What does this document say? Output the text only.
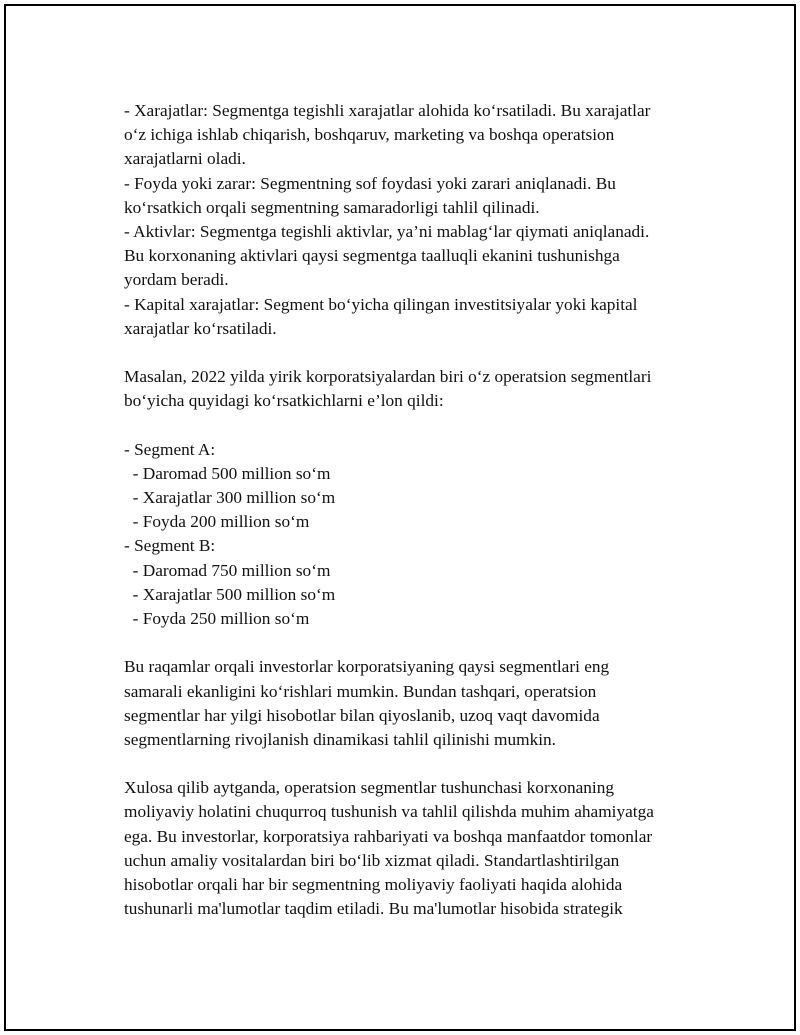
- Xarajatlar: Segmentga tegishli xarajatlar alohida ko‘rsatiladi. Bu xarajatlar
o‘z ichiga ishlab chiqarish, boshqaruv, marketing va boshqa operatsion
xarajatlarni oladi.
- Foyda yoki zarar: Segmentning sof foydasi yoki zarari aniqlanadi. Bu
ko‘rsatkich orqali segmentning samaradorligi tahlil qilinadi.
- Aktivlar: Segmentga tegishli aktivlar, ya’ni mablag‘lar qiymati aniqlanadi.
Bu korxonaning aktivlari qaysi segmentga taalluqli ekanini tushunishga
yordam beradi.
- Kapital xarajatlar: Segment bo‘yicha qilingan investitsiyalar yoki kapital
xarajatlar ko‘rsatiladi.
Masalan, 2022 yilda yirik korporatsiyalardan biri o‘z operatsion segmentlari
bo‘yicha quyidagi ko‘rsatkichlarni e’lon qildi:
- Segment A:
- Daromad 500 million so‘m
- Xarajatlar 300 million so‘m
- Foyda 200 million so‘m
- Segment B:
- Daromad 750 million so‘m
- Xarajatlar 500 million so‘m
- Foyda 250 million so‘m
Bu raqamlar orqali investorlar korporatsiyaning qaysi segmentlari eng
samarali ekanligini ko‘rishlari mumkin. Bundan tashqari, operatsion
segmentlar har yilgi hisobotlar bilan qiyoslanib, uzoq vaqt davomida
segmentlarning rivojlanish dinamikasi tahlil qilinishi mumkin.
Xulosa qilib aytganda, operatsion segmentlar tushunchasi korxonaning
moliyaviy holatini chuqurroq tushunish va tahlil qilishda muhim ahamiyatga
ega. Bu investorlar, korporatsiya rahbariyati va boshqa manfaatdor tomonlar
uchun amaliy vositalardan biri bo‘lib xizmat qiladi. Standartlashtirilgan
hisobotlar orqali har bir segmentning moliyaviy faoliyati haqida alohida
tushunarli ma'lumotlar taqdim etiladi. Bu ma'lumotlar hisobida strategik
